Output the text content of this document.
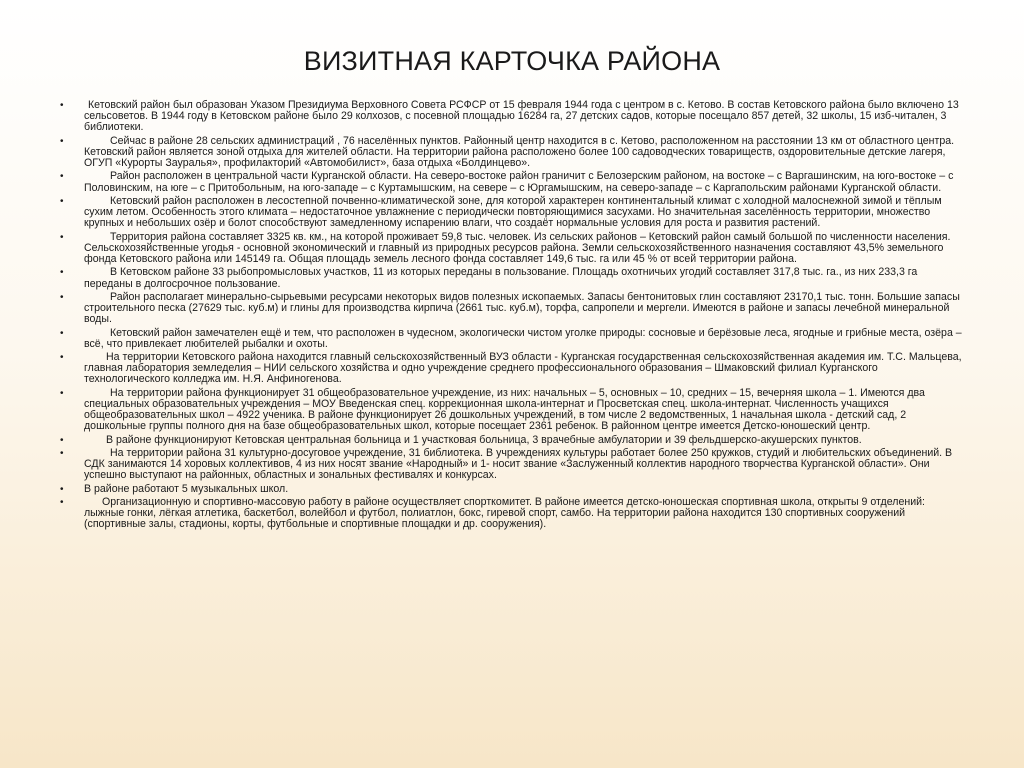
ВИЗИТНАЯ КАРТОЧКА РАЙОНА
•	Кетовский район был образован Указом Президиума Верховного Совета РСФСР от 15 февраля 1944 года с центром в с. Кетово. В состав Кетовского района было включено 13 сельсоветов. В 1944 году в Кетовском районе было 29 колхозов, с посевной площадью 16284 га, 27 детских садов, которые посещало 857 детей, 32 школы, 15 изб-читален, 3 библиотеки.
•	Сейчас в районе 28 сельских администраций , 76 населённых пунктов. Районный центр находится в с. Кетово, расположенном на расстоянии 13 км от областного центра. Кетовский район является зоной отдыха для жителей области. На территории района расположено более 100 садоводческих товариществ, оздоровительные детские лагеря, ОГУП «Курорты Зауралья», профилакторий «Автомобилист», база отдыха «Болдинцево».
•	Район расположен в центральной части Курганской области. На северо-востоке район граничит с Белозерским районом, на востоке – с Варгашинским, на юго-востоке – с Половинским, на юге – с Притобольным, на юго-западе – с Куртамышским, на севере – с Юргамышским, на северо-западе – с Каргапольским районами Курганской области.
•	Кетовский район расположен в лесостепной почвенно-климатической зоне, для которой характерен континентальный климат с холодной малоснежной зимой и тёплым сухим летом. Особенность этого климата – недостаточное увлажнение с периодически повторяющимися засухами. Но значительная заселённость территории, множество крупных и небольших озёр и болот способствуют замедленному испарению влаги, что создаёт нормальные условия для роста и развития растений.
•	Территория района составляет 3325 кв. км., на которой проживает 59,8 тыс. человек. Из сельских районов – Кетовский район самый большой по численности населения. Сельскохозяйственные угодья - основной экономический и главный из природных ресурсов района. Земли сельскохозяйственного назначения составляют 43,5% земельного фонда Кетовского района или 145149 га. Общая площадь земель лесного фонда составляет 149,6 тыс. га или 45 % от всей территории района.
•	В Кетовском районе 33 рыбопромысловых участков, 11 из которых переданы в пользование. Площадь охотничьих угодий составляет 317,8 тыс. га., из них 233,3 га переданы в долгосрочное пользование.
•	Район располагает минерально-сырьевыми ресурсами некоторых видов полезных ископаемых. Запасы бентонитовых глин составляют 23170,1 тыс. тонн. Большие запасы строительного песка (27629 тыс. куб.м) и глины для производства кирпича (2661 тыс. куб.м), торфа, сапропели и мергели. Имеются в районе и запасы лечебной минеральной воды.
•	Кетовский район замечателен ещё и тем, что расположен в чудесном, экологически чистом уголке природы: сосновые и берёзовые леса, ягодные и грибные места, озёра – всё, что привлекает любителей рыбалки и охоты.
•	На территории Кетовского района находится главный сельскохозяйственный ВУЗ области - Курганская государственная сельскохозяйственная академия им. Т.С. Мальцева, главная лаборатория земледелия – НИИ сельского хозяйства и одно учреждение среднего профессионального образования – Шмаковский филиал Курганского технологического колледжа им. Н.Я. Анфиногенова.
•	На территории района функционирует 31 общеобразовательное учреждение, из них: начальных – 5, основных – 10, средних – 15, вечерняя школа – 1. Имеются два специальных образовательных учреждения – МОУ Введенская спец. коррекционная школа-интернат и Просветская спец. школа-интернат. Численность учащихся общеобразовательных школ – 4922 ученика. В районе функционирует 26 дошкольных учреждений, в том числе 2 ведомственных, 1 начальная школа - детский сад, 2 дошкольные группы полного дня на базе общеобразовательных школ, которые посещает 2361 ребенок. В районном центре имеется Детско-юношеский центр.
•	В районе функционируют Кетовская центральная больница и 1 участковая больница, 3 врачебные амбулатории и 39 фельдшерско-акушерских пунктов.
•	На территории района 31 культурно-досуговое учреждение, 31 библиотека. В учреждениях культуры работает более 250 кружков, студий и любительских объединений. В СДК занимаются 14 хоровых коллективов, 4 из них носят звание «Народный» и 1- носит звание «Заслуженный коллектив народного творчества Курганской области». Они успешно выступают на районных, областных и зональных фестивалях и конкурсах.
• В районе работают 5 музыкальных школ.
•	Организационную и спортивно-массовую работу в районе осуществляет спорткомитет. В районе имеется детско-юношеская спортивная школа, открыты 9 отделений: лыжные гонки, лёгкая атлетика, баскетбол, волейбол и футбол, полиатлон, бокс, гиревой спорт, самбо. На территории района находится 130 спортивных сооружений (спортивные залы, стадионы, корты, футбольные и спортивные площадки и др. сооружения).
